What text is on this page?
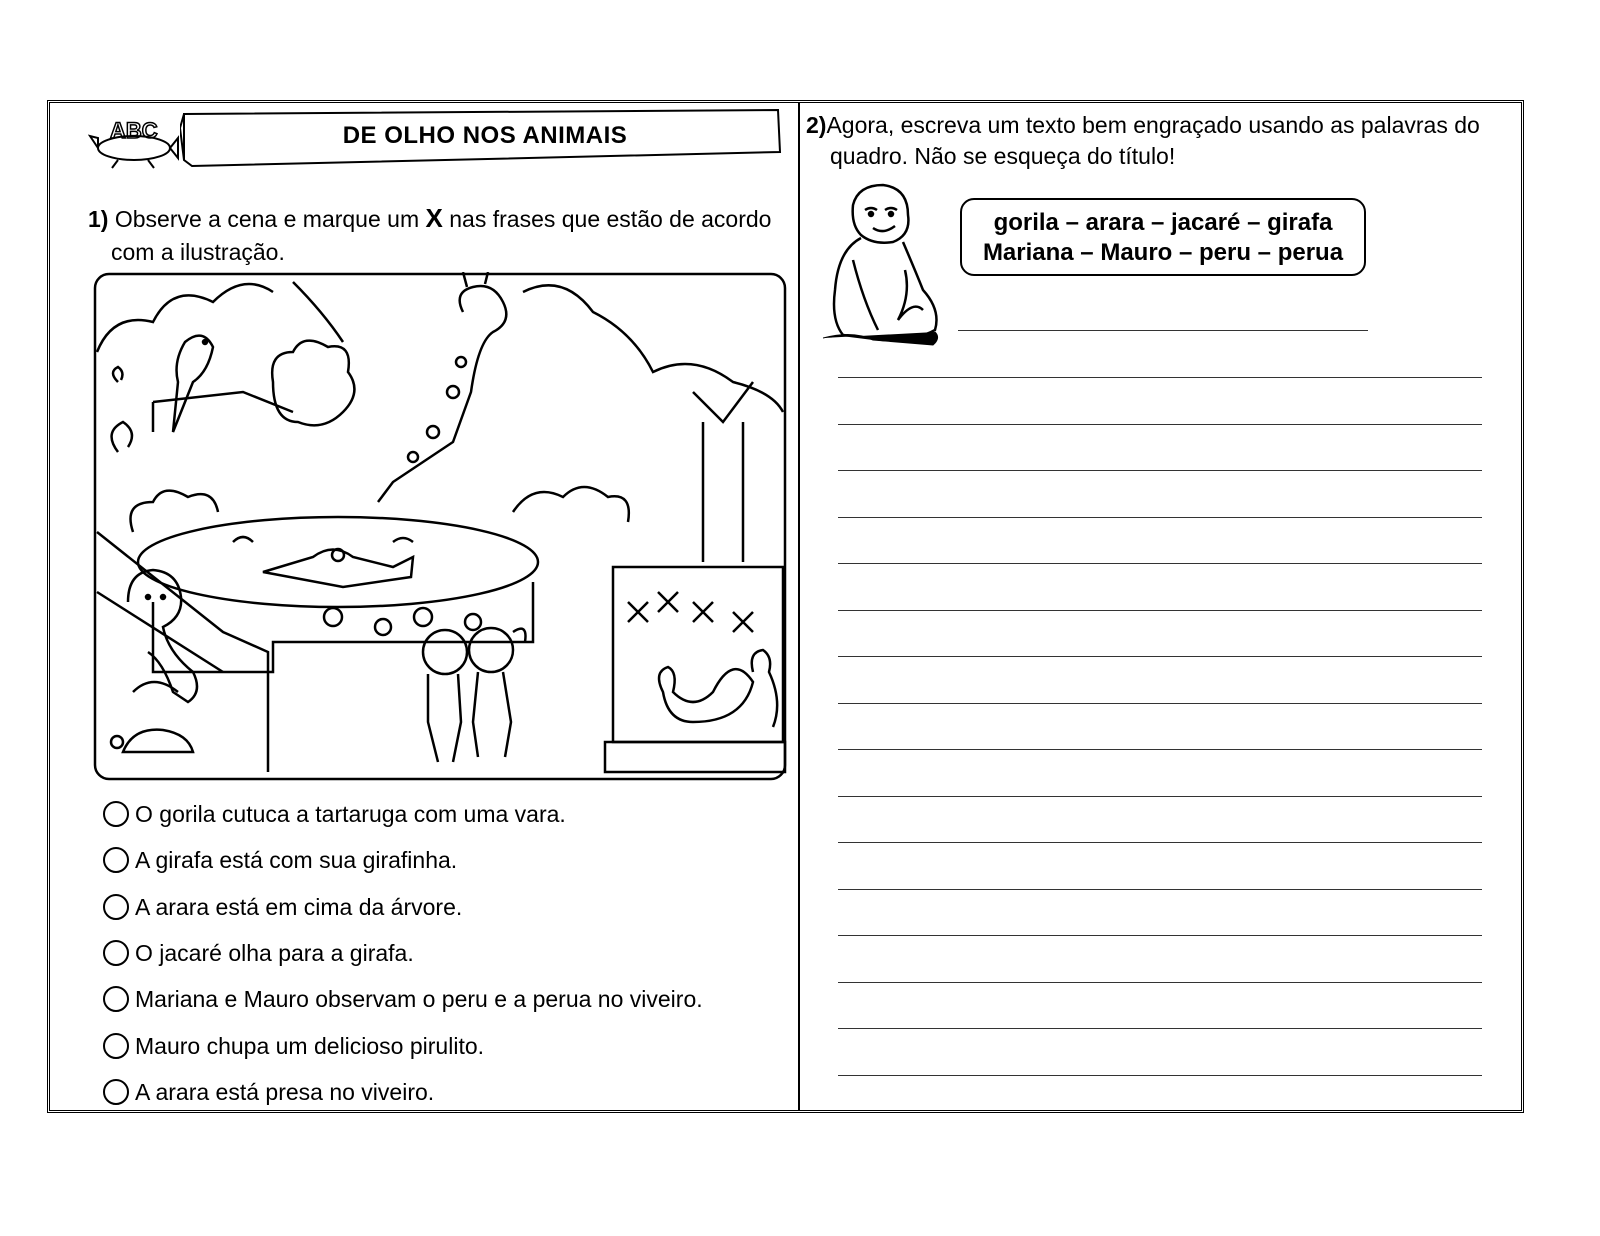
ABC	DE OLHO NOS ANIMAIS
1) Observe a cena e marque um X nas frases que estão de acordo
com a ilustração.
O gorila cutuca a tartaruga com uma vara.
A girafa está com sua girafinha.
A arara está em cima da árvore.
O jacaré olha para a girafa.
Mariana e Mauro observam o peru e a perua no viveiro.
Mauro chupa um delicioso pirulito.
A arara está presa no viveiro.
2)Agora, escreva um texto bem engraçado usando as palavras do
quadro. Não se esqueça do título!
gorila – arara – jacaré – girafa
Mariana – Mauro – peru – perua
